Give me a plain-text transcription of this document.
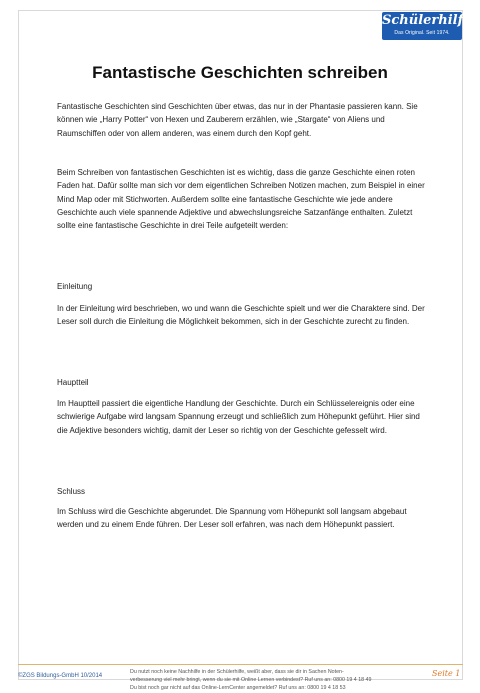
Schülerhilfe
Das Original. Seit 1974.
Fantastische Geschichten schreiben

Fantastische Geschichten sind Geschichten über etwas, das nur in der Phantasie passieren kann. Sie können wie „Harry Potter“ von Hexen und Zauberern erzählen, wie „Stargate“ von Aliens und Raumschiffen oder von allem anderen, was einem durch den Kopf geht.

Beim Schreiben von fantastischen Geschichten ist es wichtig, dass die ganze Geschichte einen roten Faden hat. Dafür sollte man sich vor dem eigentlichen Schreiben Notizen machen, zum Beispiel in einer Mind Map oder mit Stichworten. Außerdem sollte eine fantastische Geschichte wie jede andere Geschichte auch viele spannende Adjektive und abwechslungsreiche Satzanfänge enthalten. Zuletzt sollte eine fantastische Geschichte in drei Teile aufgeteilt werden:

Einleitung

In der Einleitung wird beschrieben, wo und wann die Geschichte spielt und wer die Charaktere sind. Der Leser soll durch die Einleitung die Möglichkeit bekommen, sich in der Geschichte zurecht zu finden.

Hauptteil

Im Hauptteil passiert die eigentliche Handlung der Geschichte. Durch ein Schlüsselereignis oder eine schwierige Aufgabe wird langsam Spannung erzeugt und schließlich zum Höhepunkt geführt. Hier sind die Adjektive besonders wichtig, damit der Leser so richtig von der Geschichte gefesselt wird.

Schluss

Im Schluss wird die Geschichte abgerundet. Die Spannung vom Höhepunkt soll langsam abgebaut werden und zu einem Ende führen. Der Leser soll erfahren, was nach dem Höhepunkt passiert.

©ZGS Bildungs-GmbH 10/2014
Du nutzt noch keine Nachhilfe in der Schülerhilfe, weißt aber, dass sie dir in Sachen Noten-
verbesserung viel mehr bringt, wenn du sie mit Online Lernen verbindest? Ruf uns an: 0800 19 4 18 49
Du bist noch gar nicht auf das Online-LernCenter angemeldet? Ruf uns an: 0800 19 4 18 53
Seite 1
